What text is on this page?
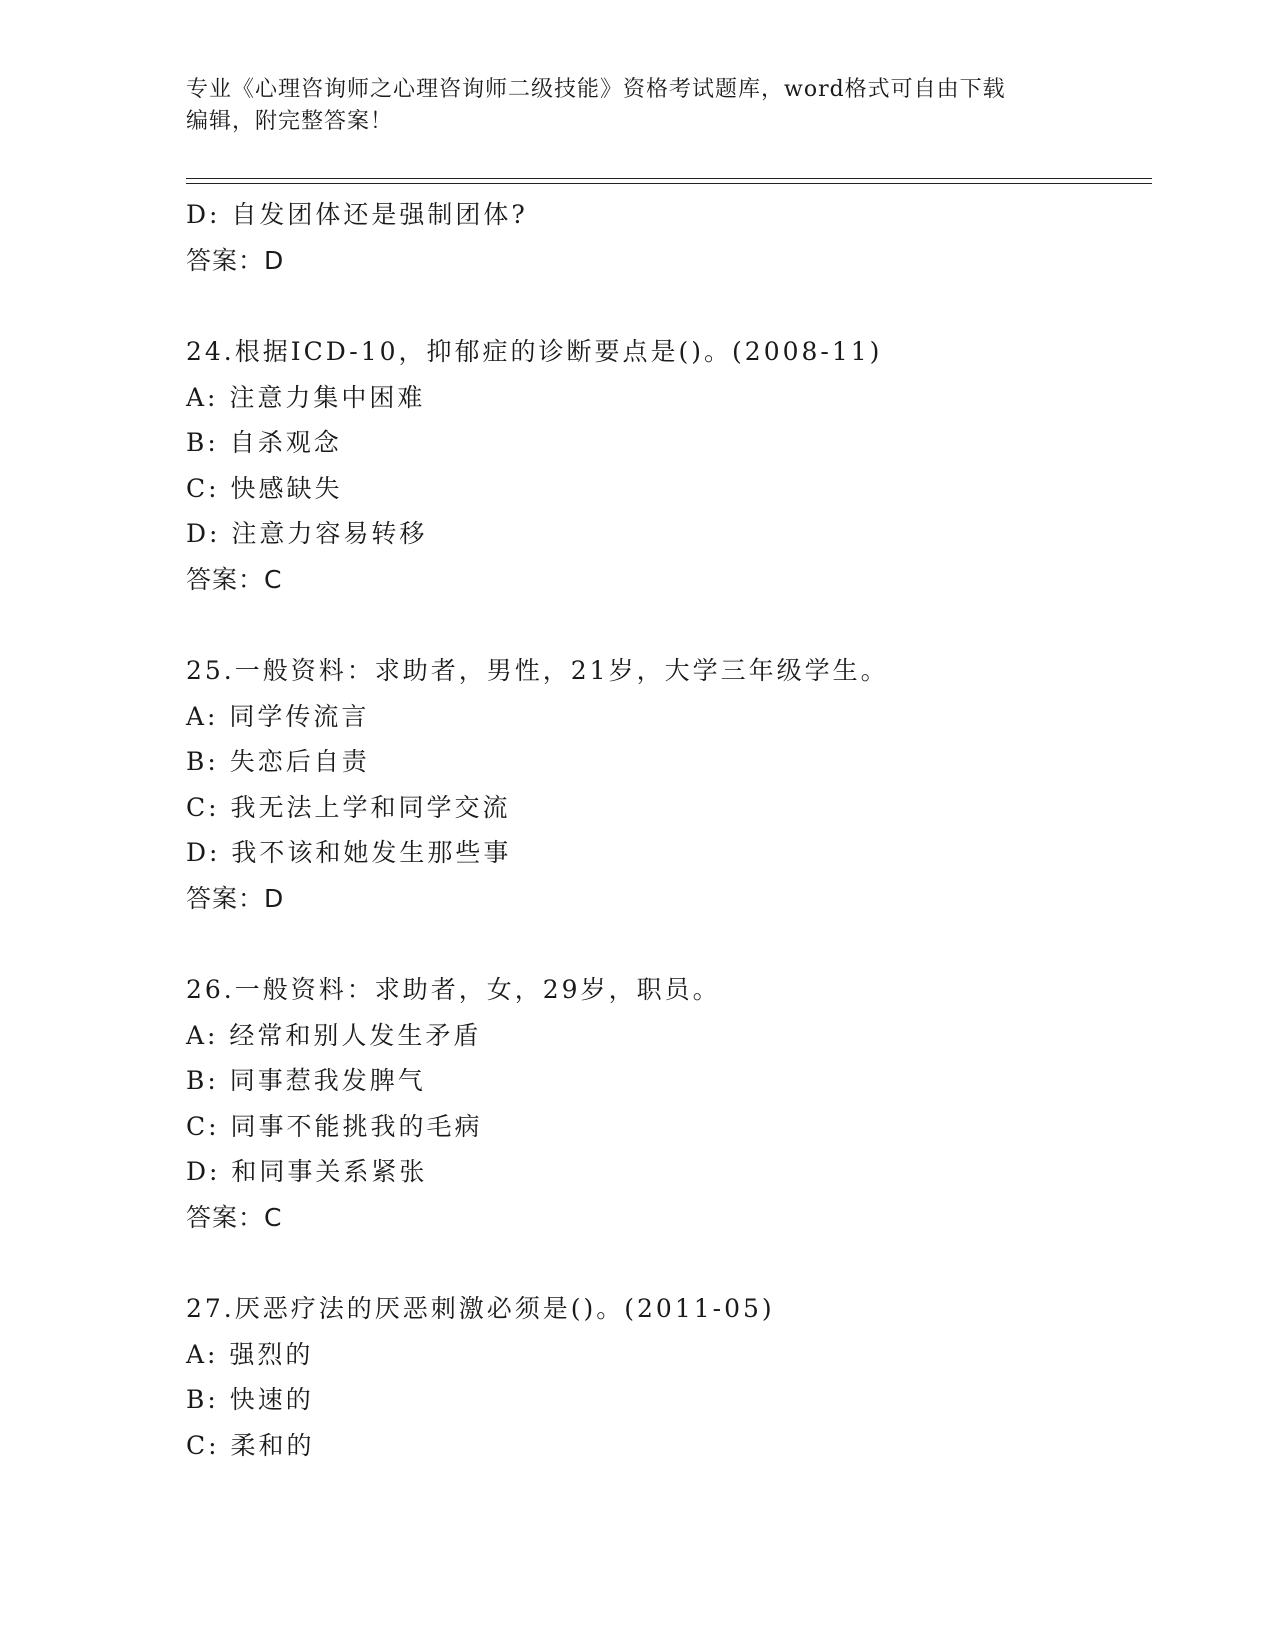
专业《心理咨询师之心理咨询师二级技能》资格考试题库，word格式可自由下载
编辑，附完整答案！
D: 自发团体还是强制团体?
答案：D
24.根据ICD-10，抑郁症的诊断要点是()。(2008-11)
A: 注意力集中困难
B: 自杀观念
C: 快感缺失
D: 注意力容易转移
答案：C
25.一般资料：求助者，男性，21岁，大学三年级学生。
A: 同学传流言
B: 失恋后自责
C: 我无法上学和同学交流
D: 我不该和她发生那些事
答案：D
26.一般资料：求助者，女，29岁，职员。
A: 经常和别人发生矛盾
B: 同事惹我发脾气
C: 同事不能挑我的毛病
D: 和同事关系紧张
答案：C
27.厌恶疗法的厌恶刺激必须是()。(2011-05)
A: 强烈的
B: 快速的
C: 柔和的
